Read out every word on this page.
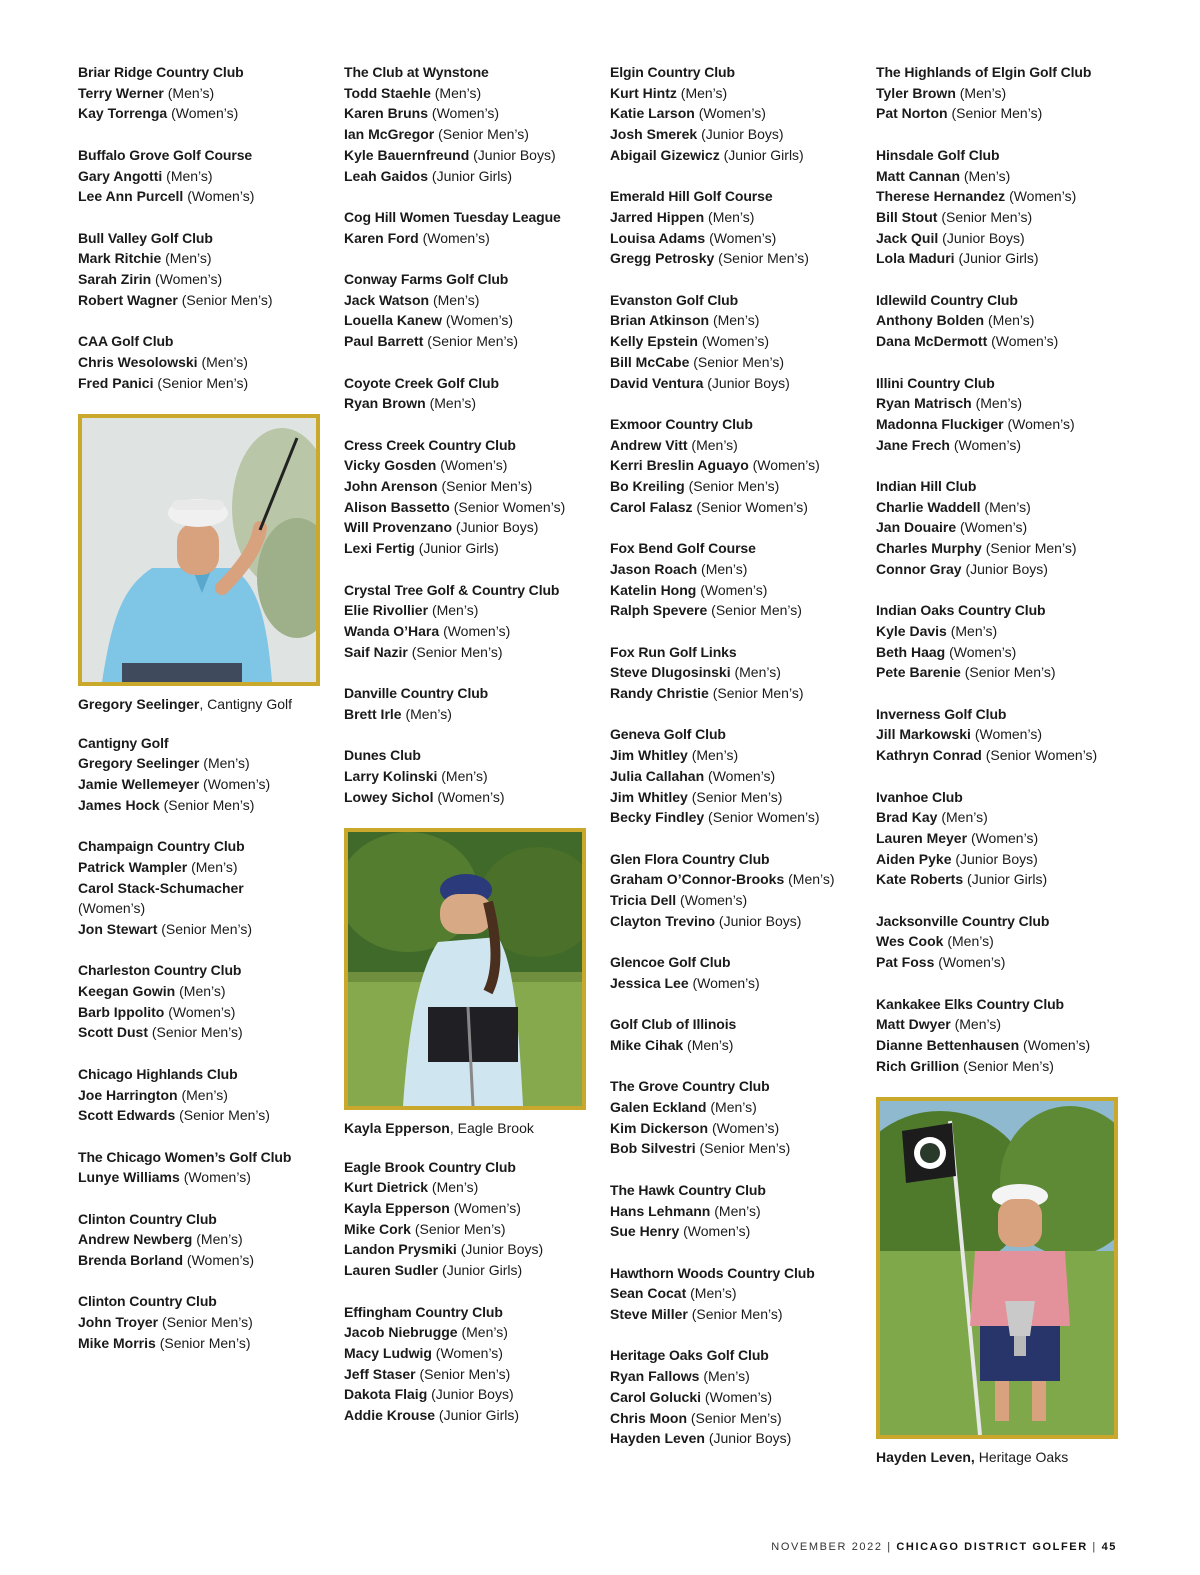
Briar Ridge Country Club
Terry Werner (Men’s)
Kay Torrenga (Women’s)
Buffalo Grove Golf Course
Gary Angotti (Men’s)
Lee Ann Purcell (Women’s)
Bull Valley Golf Club
Mark Ritchie (Men’s)
Sarah Zirin (Women’s)
Robert Wagner (Senior Men’s)
CAA Golf Club
Chris Wesolowski (Men’s)
Fred Panici (Senior Men’s)
Gregory Seelinger, Cantigny Golf
Cantigny Golf
Gregory Seelinger (Men’s)
Jamie Wellemeyer (Women’s)
James Hock (Senior Men’s)
Champaign Country Club
Patrick Wampler (Men’s)
Carol Stack-Schumacher
(Women’s)
Jon Stewart (Senior Men’s)
Charleston Country Club
Keegan Gowin (Men’s)
Barb Ippolito (Women’s)
Scott Dust (Senior Men’s)
Chicago Highlands Club
Joe Harrington (Men’s)
Scott Edwards (Senior Men’s)
The Chicago Women’s Golf Club
Lunye Williams (Women’s)
Clinton Country Club
Andrew Newberg (Men’s)
Brenda Borland (Women’s)
Clinton Country Club
John Troyer (Senior Men’s)
Mike Morris (Senior Men’s)
The Club at Wynstone
Todd Staehle (Men’s)
Karen Bruns (Women’s)
Ian McGregor (Senior Men’s)
Kyle Bauernfreund (Junior Boys)
Leah Gaidos (Junior Girls)
Cog Hill Women Tuesday League
Karen Ford (Women’s)
Conway Farms Golf Club
Jack Watson (Men’s)
Louella Kanew (Women’s)
Paul Barrett (Senior Men’s)
Coyote Creek Golf Club
Ryan Brown (Men’s)
Cress Creek Country Club
Vicky Gosden (Women’s)
John Arenson (Senior Men’s)
Alison Bassetto (Senior Women’s)
Will Provenzano (Junior Boys)
Lexi Fertig (Junior Girls)
Crystal Tree Golf & Country Club
Elie Rivollier (Men’s)
Wanda O’Hara (Women’s)
Saif Nazir (Senior Men’s)
Danville Country Club
Brett Irle (Men’s)
Dunes Club
Larry Kolinski (Men’s)
Lowey Sichol (Women’s)
Kayla Epperson, Eagle Brook
Eagle Brook Country Club
Kurt Dietrick (Men’s)
Kayla Epperson (Women’s)
Mike Cork (Senior Men’s)
Landon Prysmiki (Junior Boys)
Lauren Sudler (Junior Girls)
Effingham Country Club
Jacob Niebrugge (Men’s)
Macy Ludwig (Women’s)
Jeff Staser (Senior Men’s)
Dakota Flaig (Junior Boys)
Addie Krouse (Junior Girls)
Elgin Country Club
Kurt Hintz (Men’s)
Katie Larson (Women’s)
Josh Smerek (Junior Boys)
Abigail Gizewicz (Junior Girls)
Emerald Hill Golf Course
Jarred Hippen (Men’s)
Louisa Adams (Women’s)
Gregg Petrosky (Senior Men’s)
Evanston Golf Club
Brian Atkinson (Men’s)
Kelly Epstein (Women’s)
Bill McCabe (Senior Men’s)
David Ventura (Junior Boys)
Exmoor Country Club
Andrew Vitt (Men’s)
Kerri Breslin Aguayo (Women’s)
Bo Kreiling (Senior Men’s)
Carol Falasz (Senior Women’s)
Fox Bend Golf Course
Jason Roach (Men’s)
Katelin Hong (Women’s)
Ralph Spevere (Senior Men’s)
Fox Run Golf Links
Steve Dlugosinski (Men’s)
Randy Christie (Senior Men’s)
Geneva Golf Club
Jim Whitley (Men’s)
Julia Callahan (Women’s)
Jim Whitley (Senior Men’s)
Becky Findley (Senior Women’s)
Glen Flora Country Club
Graham O’Connor-Brooks (Men’s)
Tricia Dell (Women’s)
Clayton Trevino (Junior Boys)
Glencoe Golf Club
Jessica Lee (Women’s)
Golf Club of Illinois
Mike Cihak (Men’s)
The Grove Country Club
Galen Eckland (Men’s)
Kim Dickerson (Women’s)
Bob Silvestri (Senior Men’s)
The Hawk Country Club
Hans Lehmann (Men’s)
Sue Henry (Women’s)
Hawthorn Woods Country Club
Sean Cocat (Men’s)
Steve Miller (Senior Men’s)
Heritage Oaks Golf Club
Ryan Fallows (Men’s)
Carol Golucki (Women’s)
Chris Moon (Senior Men’s)
Hayden Leven (Junior Boys)
The Highlands of Elgin Golf Club
Tyler Brown (Men’s)
Pat Norton (Senior Men’s)
Hinsdale Golf Club
Matt Cannan (Men’s)
Therese Hernandez (Women’s)
Bill Stout (Senior Men’s)
Jack Quil (Junior Boys)
Lola Maduri (Junior Girls)
Idlewild Country Club
Anthony Bolden (Men’s)
Dana McDermott (Women’s)
Illini Country Club
Ryan Matrisch (Men’s)
Madonna Fluckiger (Women’s)
Jane Frech (Women’s)
Indian Hill Club
Charlie Waddell (Men’s)
Jan Douaire (Women’s)
Charles Murphy (Senior Men’s)
Connor Gray (Junior Boys)
Indian Oaks Country Club
Kyle Davis (Men’s)
Beth Haag (Women’s)
Pete Barenie (Senior Men’s)
Inverness Golf Club
Jill Markowski (Women’s)
Kathryn Conrad (Senior Women’s)
Ivanhoe Club
Brad Kay (Men’s)
Lauren Meyer (Women’s)
Aiden Pyke (Junior Boys)
Kate Roberts (Junior Girls)
Jacksonville Country Club
Wes Cook (Men’s)
Pat Foss (Women’s)
Kankakee Elks Country Club
Matt Dwyer (Men’s)
Dianne Bettenhausen (Women’s)
Rich Grillion (Senior Men’s)
Hayden Leven, Heritage Oaks
NOVEMBER 2022 | CHICAGO DISTRICT GOLFER | 45
